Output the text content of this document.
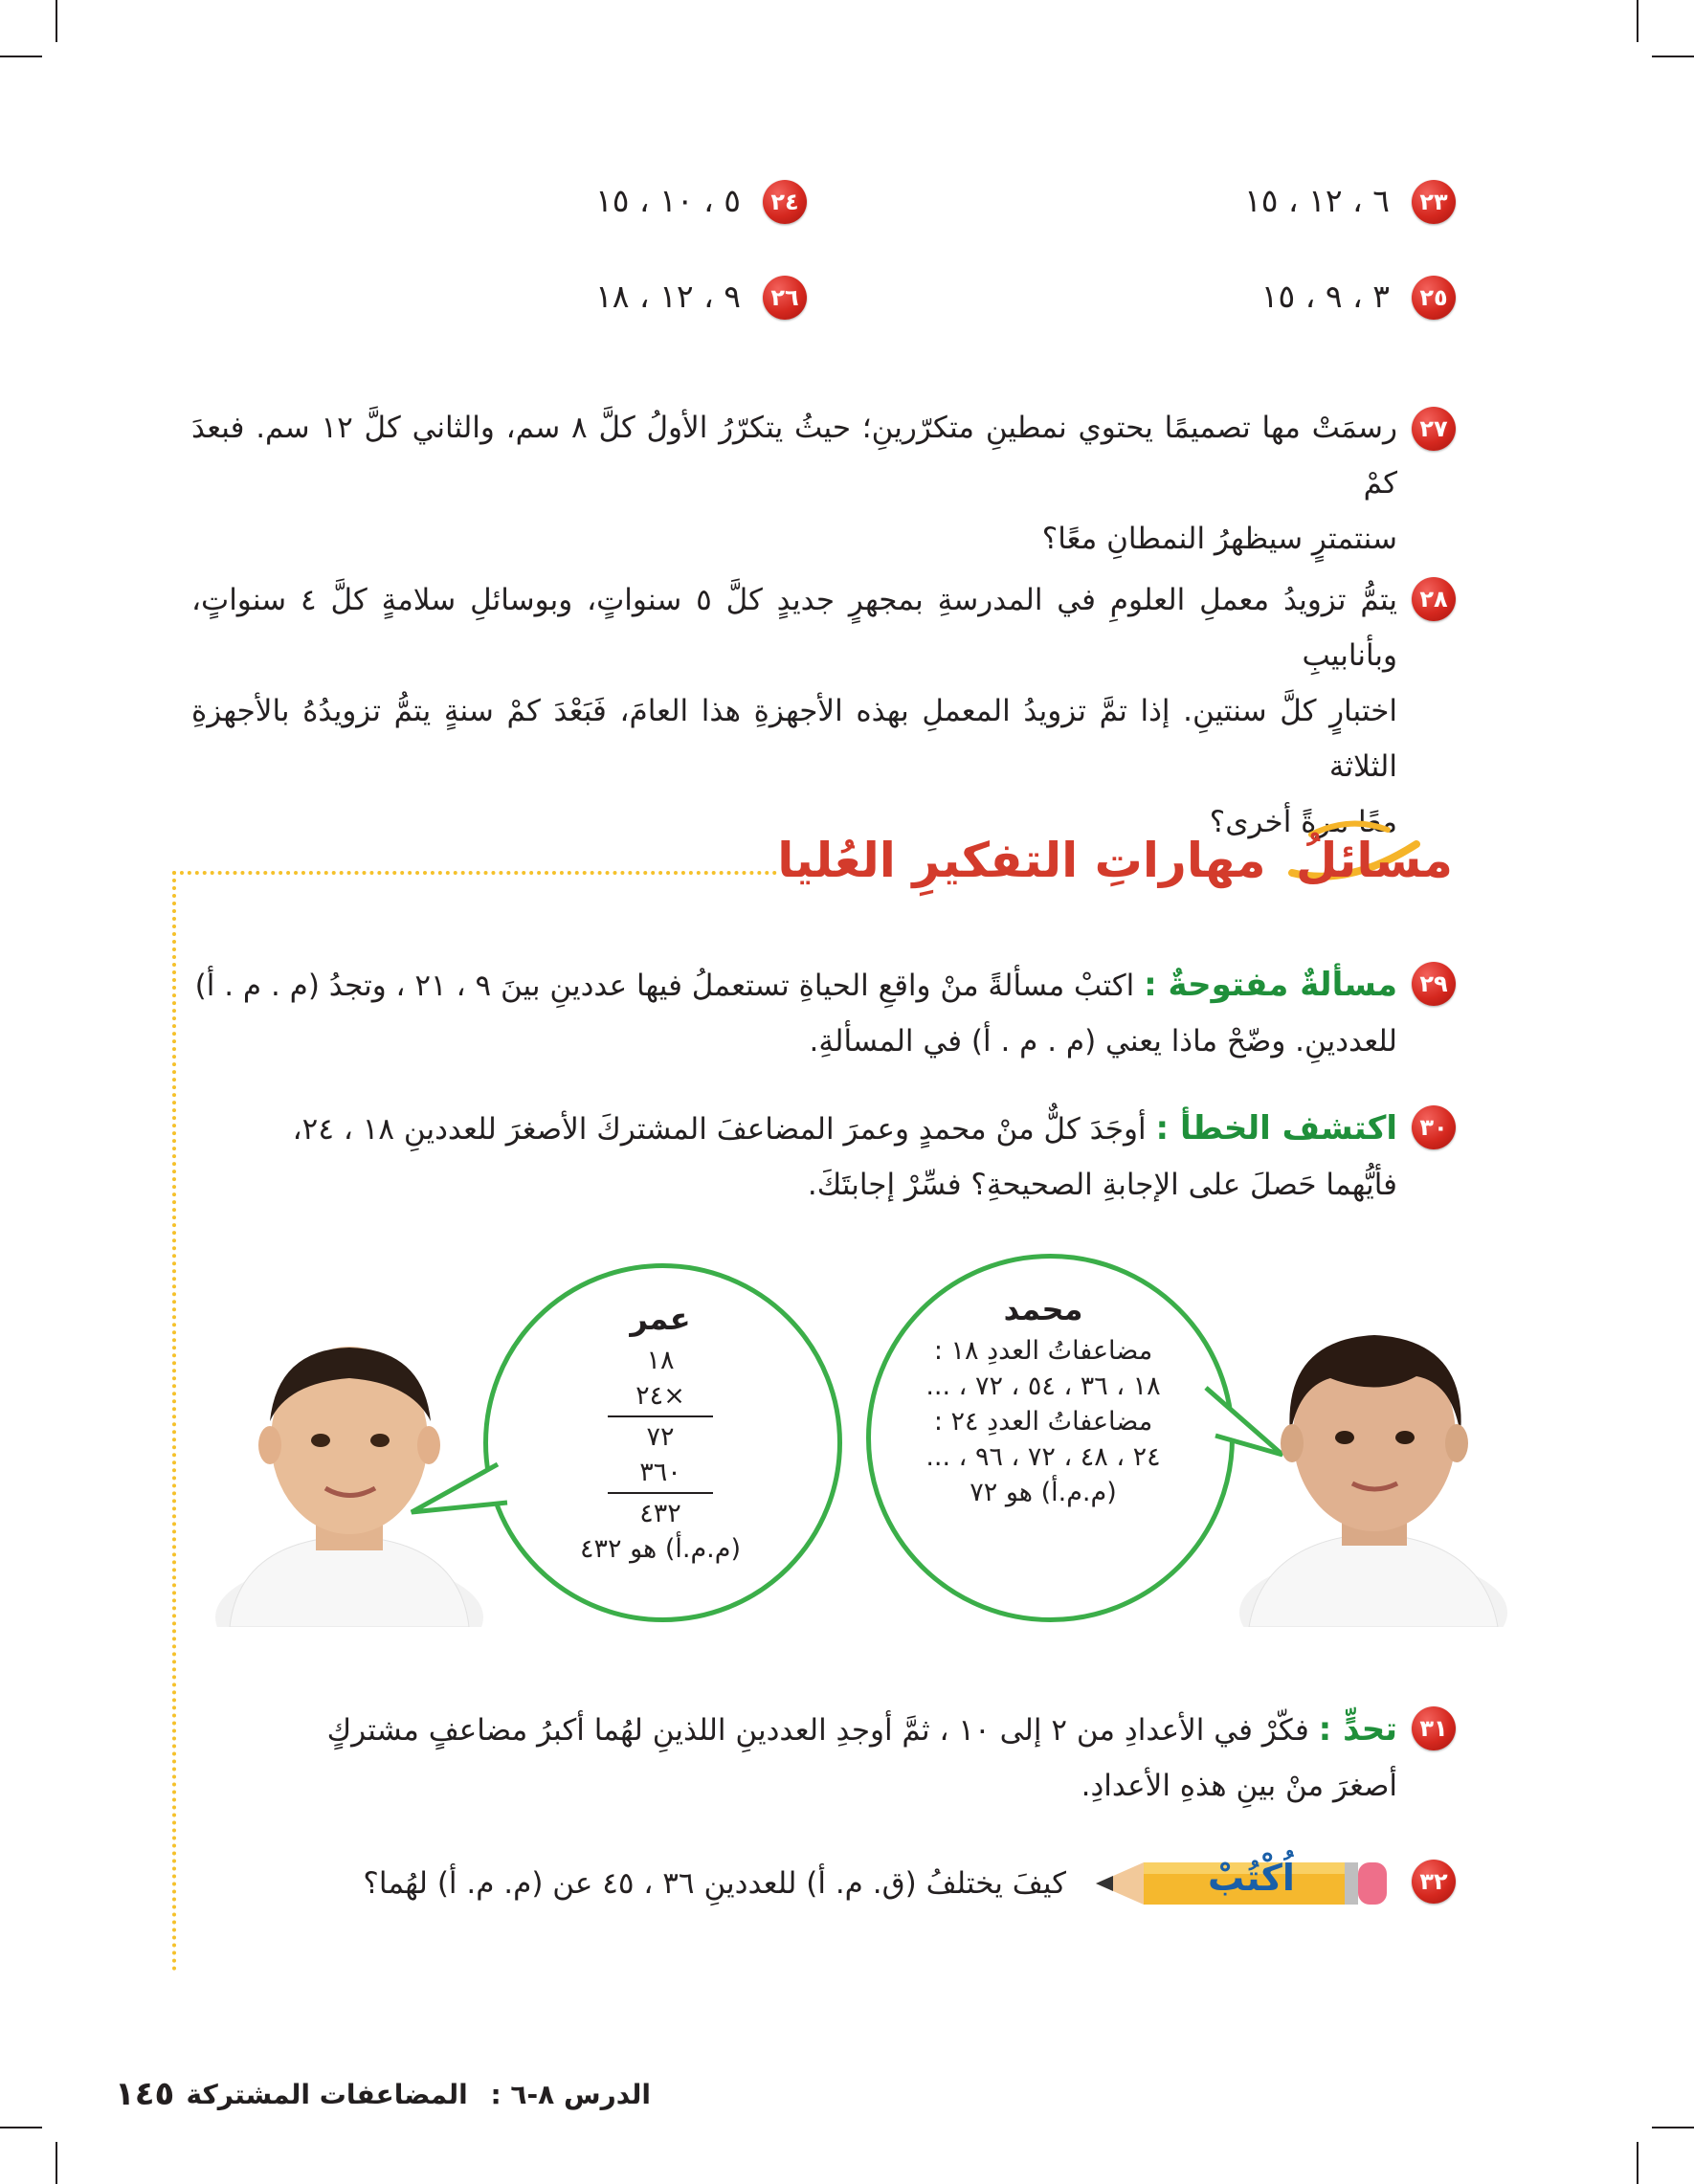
٢٣
٦ ، ١٢ ، ١٥
٢٤
٥ ، ١٠ ، ١٥
٢٥
٣ ، ٩ ، ١٥
٢٦
٩ ، ١٢ ، ١٨
٢٧
رسمَتْ مها تصميمًا يحتوي نمطينِ متكرّرينِ؛ حيثُ يتكرّرُ الأولُ كلَّ ٨ سم، والثاني كلَّ ١٢ سم. فبعدَ كمْ
سنتمترٍ سيظهرُ النمطانِ معًا؟
٢٨
يتمُّ تزويدُ معملِ العلومِ في المدرسةِ بمجهرٍ جديدٍ كلَّ ٥ سنواتٍ، وبوسائلِ سلامةٍ كلَّ ٤ سنواتٍ، وبأنابيبِ
اختبارٍ كلَّ سنتينِ. إذا تمَّ تزويدُ المعملِ بهذه الأجهزةِ هذا العامَ، فَبَعْدَ كمْ سنةٍ يتمُّ تزويدُهُ بالأجهزةِ الثلاثة
معًا مرةً أخرى؟
مسائلُ مهاراتِ التفكيرِ العُليا
٢٩
مسألةٌ مفتوحةٌ : اكتبْ مسألةً منْ واقعِ الحياةِ تستعملُ فيها عددينِ بينَ ٩ ، ٢١ ، وتجدُ (م . م . أ)
للعددينِ. وضّحْ ماذا يعني (م . م . أ) في المسألةِ.
٣٠
اكتشف الخطأ : أوجَدَ كلٌّ منْ محمدٍ وعمرَ المضاعفَ المشتركَ الأصغرَ للعددينِ ١٨ ، ٢٤،
فأيُّهما حَصلَ على الإجابةِ الصحيحةِ؟ فسِّرْ إجابتَكَ.
عمر
١٨
×٢٤
٧٢
٣٦٠
٤٣٢
(م.م.أ) هو ٤٣٢
محمد
مضاعفاتُ العددِ ١٨ :
١٨ ، ٣٦ ، ٥٤ ، ٧٢ ، ...
مضاعفاتُ العددِ ٢٤ :
٢٤ ، ٤٨ ، ٧٢ ، ٩٦ ، ...
(م.م.أ) هو ٧٢
٣١
تحدٍّ : فكّرْ في الأعدادِ من ٢ إلى ١٠ ، ثمَّ أوجدِ العددينِ اللذينِ لهُما أكبرُ مضاعفٍ مشتركٍ
أصغرَ منْ بينِ هذهِ الأعدادِ.
٣٢
اُكْتُبْ
كيفَ يختلفُ (ق. م. أ) للعددينِ ٣٦ ، ٤٥ عن (م. م. أ) لهُما؟
الدرس ٨-٦ : المضاعفات المشتركة
١٤٥
